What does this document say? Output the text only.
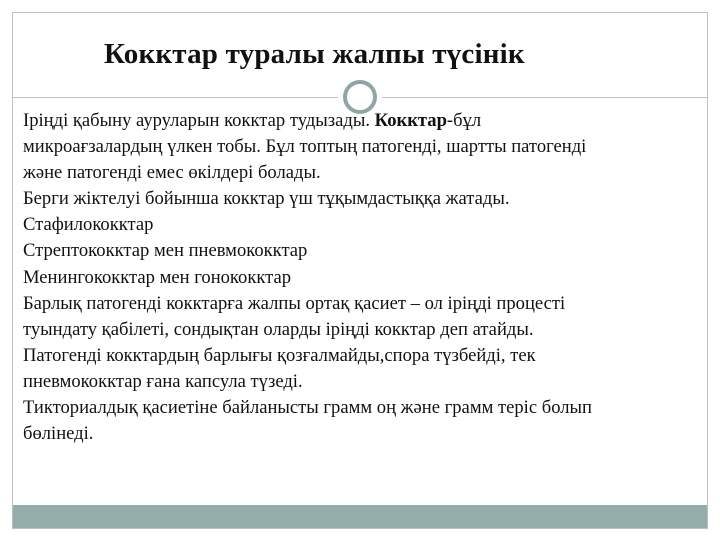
Кокктар туралы жалпы түсінік

Іріңді қабыну ауруларын кокктар тудызады. Кокктар-бұл

микроағзалардың үлкен тобы. Бұл топтың патогенді, шартты патогенді

және патогенді емес өкілдері болады.

Берги жіктелуі бойынша кокктар үш тұқымдастыққа жатады.

Стафилококктар

Стрептококктар мен пневмококктар

Менингококктар мен гонококктар

Барлық патогенді кокктарға жалпы ортақ қасиет – ол іріңді процесті

туындату қабілеті, сондықтан оларды іріңді кокктар деп атайды.

Патогенді кокктардың барлығы қозғалмайды,спора түзбейді, тек

пневмококктар ғана капсула түзеді.

Тикториалдық қасиетіне байланысты грамм оң және грамм теріс болып

бөлінеді.
